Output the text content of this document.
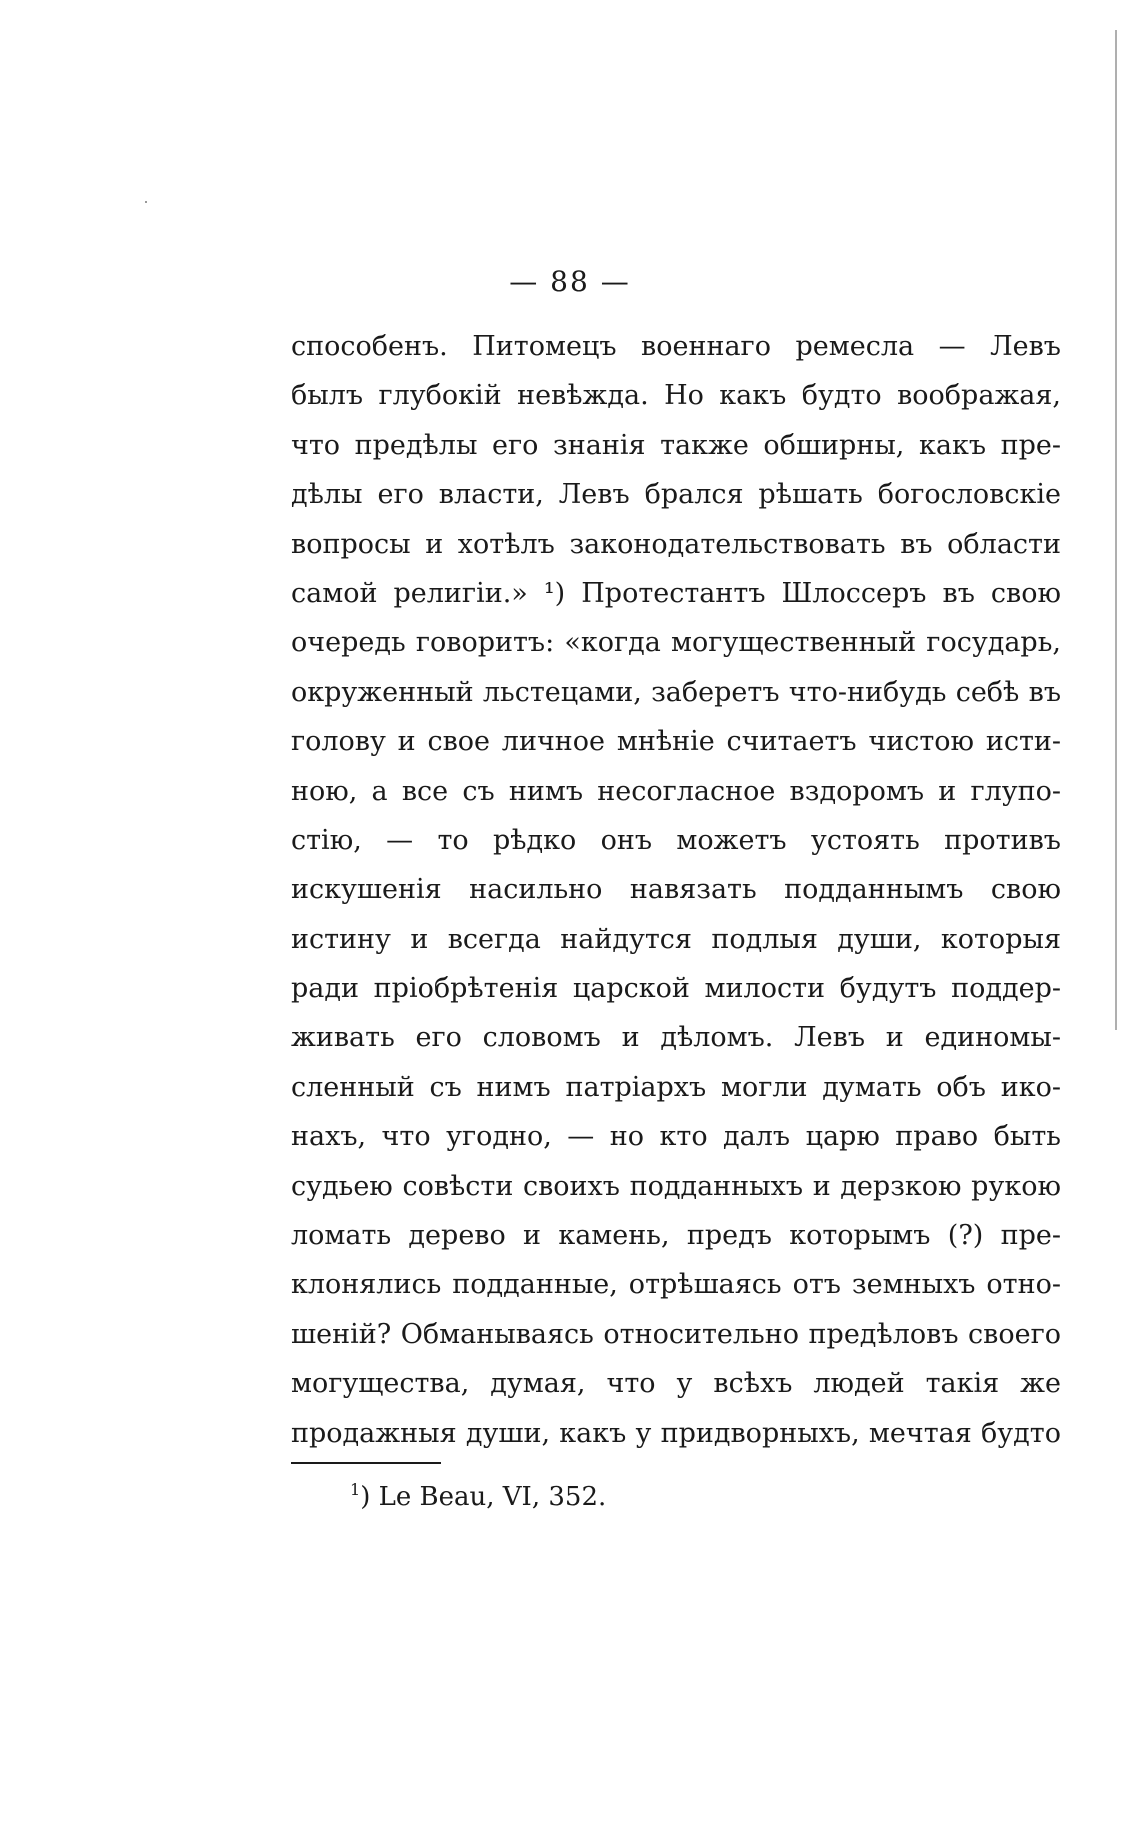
— 88 —
способенъ. Питомецъ военнаго ремесла — Левъ
былъ глубокій невѣжда. Но какъ будто воображая,
что предѣлы его знанія также обширны, какъ пре-
дѣлы его власти, Левъ брался рѣшать богословскіе
вопросы и хотѣлъ законодательствовать въ области
самой религіи.» ¹) Протестантъ Шлоссеръ въ свою
очередь говоритъ: «когда могущественный государь,
окруженный льстецами, заберетъ что-нибудь себѣ въ
голову и свое личное мнѣніе считаетъ чистою исти-
ною, а все съ нимъ несогласное вздоромъ и глупо-
стію, — то рѣдко онъ можетъ устоять противъ
искушенія насильно навязать подданнымъ свою
истину и всегда найдутся подлыя души, которыя
ради пріобрѣтенія царской милости будутъ поддер-
живать его словомъ и дѣломъ. Левъ и единомы-
сленный съ нимъ патріархъ могли думать объ ико-
нахъ, что угодно, — но кто далъ царю право быть
судьею совѣсти своихъ подданныхъ и дерзкою рукою
ломать дерево и камень, предъ которымъ (?) пре-
клонялись подданные, отрѣшаясь отъ земныхъ отно-
шеній? Обманываясь относительно предѣловъ своего
могущества, думая, что у всѣхъ людей такія же
продажныя души, какъ у придворныхъ, мечтая будто
$^1$) Le Beau, VI, 352.
